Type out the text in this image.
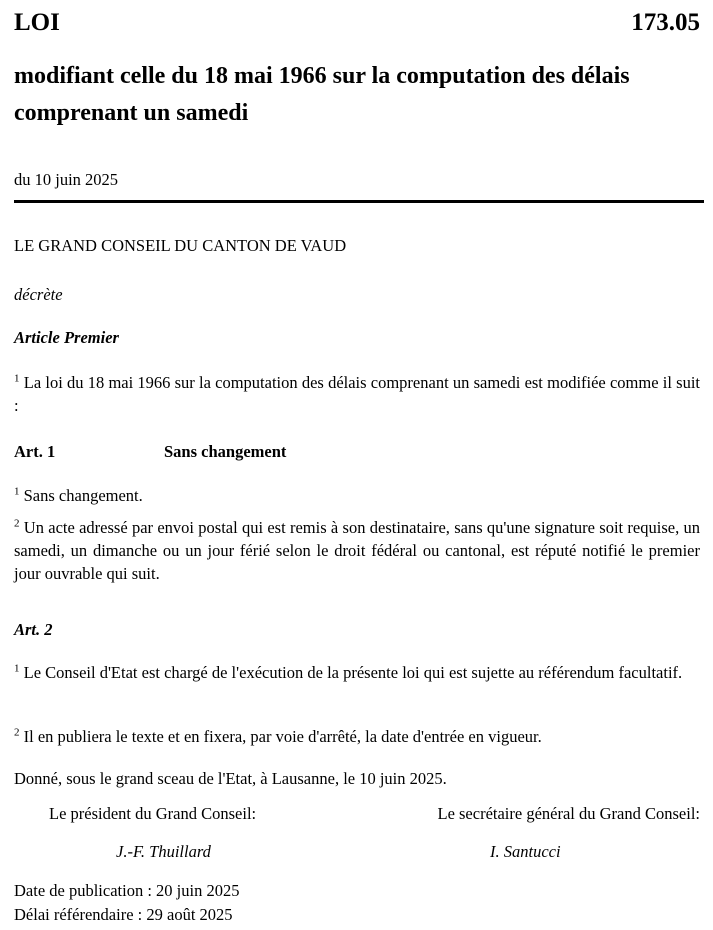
LOI	173.05
modifiant celle du 18 mai 1966 sur la computation des délais comprenant un samedi
du 10 juin 2025
LE GRAND CONSEIL DU CANTON DE VAUD
décrète
Article Premier
$^1$ La loi du 18 mai 1966 sur la computation des délais comprenant un samedi est modifiée comme il suit :
Art. 1	Sans changement
$^1$ Sans changement.
$^2$ Un acte adressé par envoi postal qui est remis à son destinataire, sans qu'une signature soit requise, un samedi, un dimanche ou un jour férié selon le droit fédéral ou cantonal, est réputé notifié le premier jour ouvrable qui suit.
Art. 2
$^1$ Le Conseil d'Etat est chargé de l'exécution de la présente loi qui est sujette au référendum facultatif.
$^2$ Il en publiera le texte et en fixera, par voie d'arrêté, la date d'entrée en vigueur.
Donné, sous le grand sceau de l'Etat, à Lausanne, le 10 juin 2025.
Le président du Grand Conseil:	Le secrétaire général du Grand Conseil:
J.-F. Thuillard	I. Santucci
Date de publication : 20 juin 2025
Délai référendaire : 29 août 2025
